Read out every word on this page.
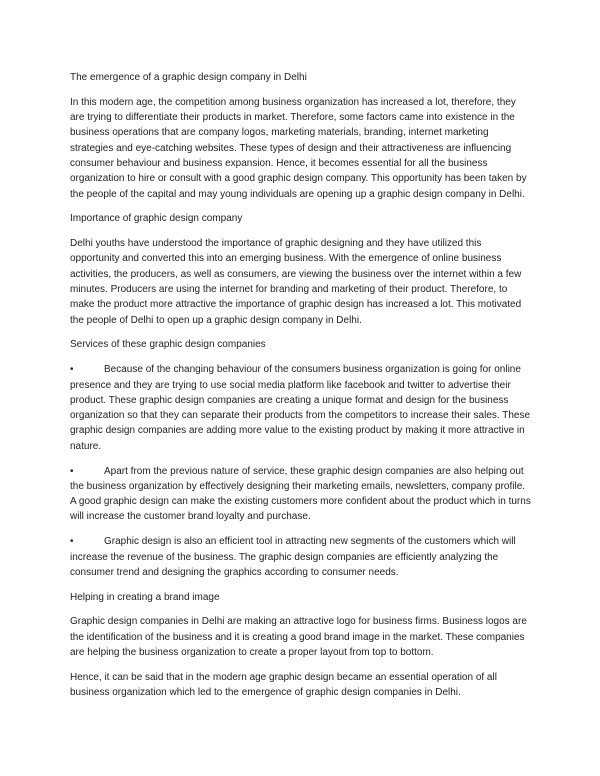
The emergence of a graphic design company in Delhi

In this modern age, the competition among business organization has increased a lot, therefore, they are trying to differentiate their products in market. Therefore, some factors came into existence in the business operations that are company logos, marketing materials, branding, internet marketing strategies and eye-catching websites. These types of design and their attractiveness are influencing consumer behaviour and business expansion. Hence, it becomes essential for all the business organization to hire or consult with a good graphic design company. This opportunity has been taken by the people of the capital and may young individuals are opening up a graphic design company in Delhi.

Importance of graphic design company

Delhi youths have understood the importance of graphic designing and they have utilized this opportunity and converted this into an emerging business. With the emergence of online business activities, the producers, as well as consumers, are viewing the business over the internet within a few minutes. Producers are using the internet for branding and marketing of their product. Therefore, to make the product more attractive the importance of graphic design has increased a lot. This motivated the people of Delhi to open up a graphic design company in Delhi.

Services of these graphic design companies

•	Because of the changing behaviour of the consumers business organization is going for online presence and they are trying to use social media platform like facebook and twitter to advertise their product. These graphic design companies are creating a unique format and design for the business organization so that they can separate their products from the competitors to increase their sales. These graphic design companies are adding more value to the existing product by making it more attractive in nature.

•	Apart from the previous nature of service, these graphic design companies are also helping out the business organization by effectively designing their marketing emails, newsletters, company profile. A good graphic design can make the existing customers more confident about the product which in turns will increase the customer brand loyalty and purchase.

•	Graphic design is also an efficient tool in attracting new segments of the customers which will increase the revenue of the business. The graphic design companies are efficiently analyzing the consumer trend and designing the graphics according to consumer needs.

Helping in creating a brand image

Graphic design companies in Delhi are making an attractive logo for business firms. Business logos are the identification of the business and it is creating a good brand image in the market. These companies are helping the business organization to create a proper layout from top to bottom.

Hence, it can be said that in the modern age graphic design became an essential operation of all business organization which led to the emergence of graphic design companies in Delhi.
